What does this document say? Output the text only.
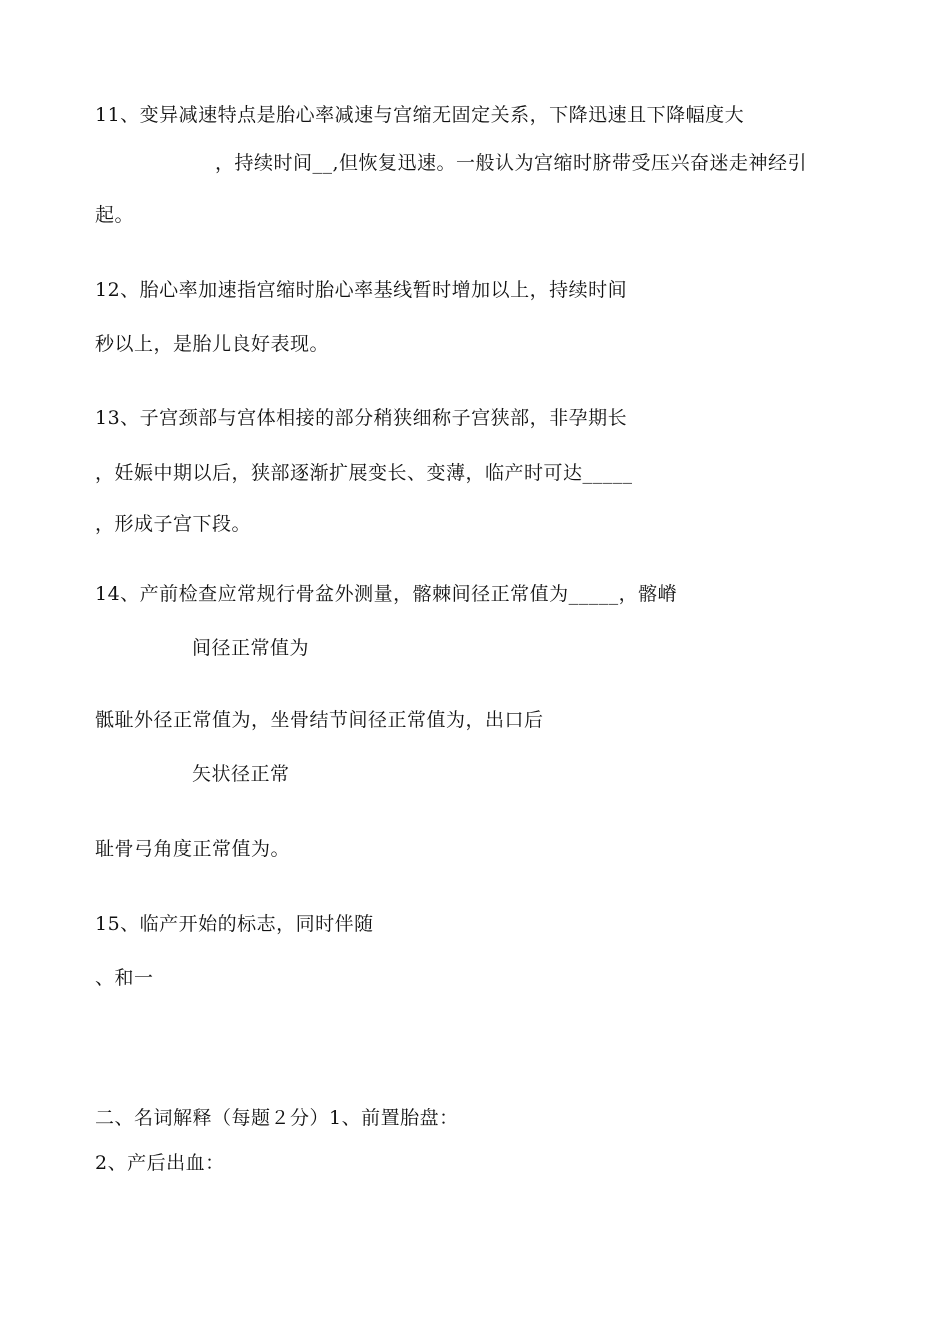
11、变异减速特点是胎心率减速与宫缩无固定关系，下降迅速且下降幅度大
，持续时间__,但恢复迅速。一般认为宫缩时脐带受压兴奋迷走神经引
起。
12、胎心率加速指宫缩时胎心率基线暂时增加以上，持续时间
秒以上，是胎儿良好表现。
13、子宫颈部与宫体相接的部分稍狭细称子宫狭部，非孕期长
，妊娠中期以后，狭部逐渐扩展变长、变薄，临产时可达_____
，形成子宫下段。
14、产前检查应常规行骨盆外测量，髂棘间径正常值为_____，髂嵴
间径正常值为
骶耻外径正常值为，坐骨结节间径正常值为，出口后
矢状径正常
耻骨弓角度正常值为。
15、临产开始的标志，同时伴随
、和一
二、名词解释（每题２分）1、前置胎盘：
2、产后出血：
